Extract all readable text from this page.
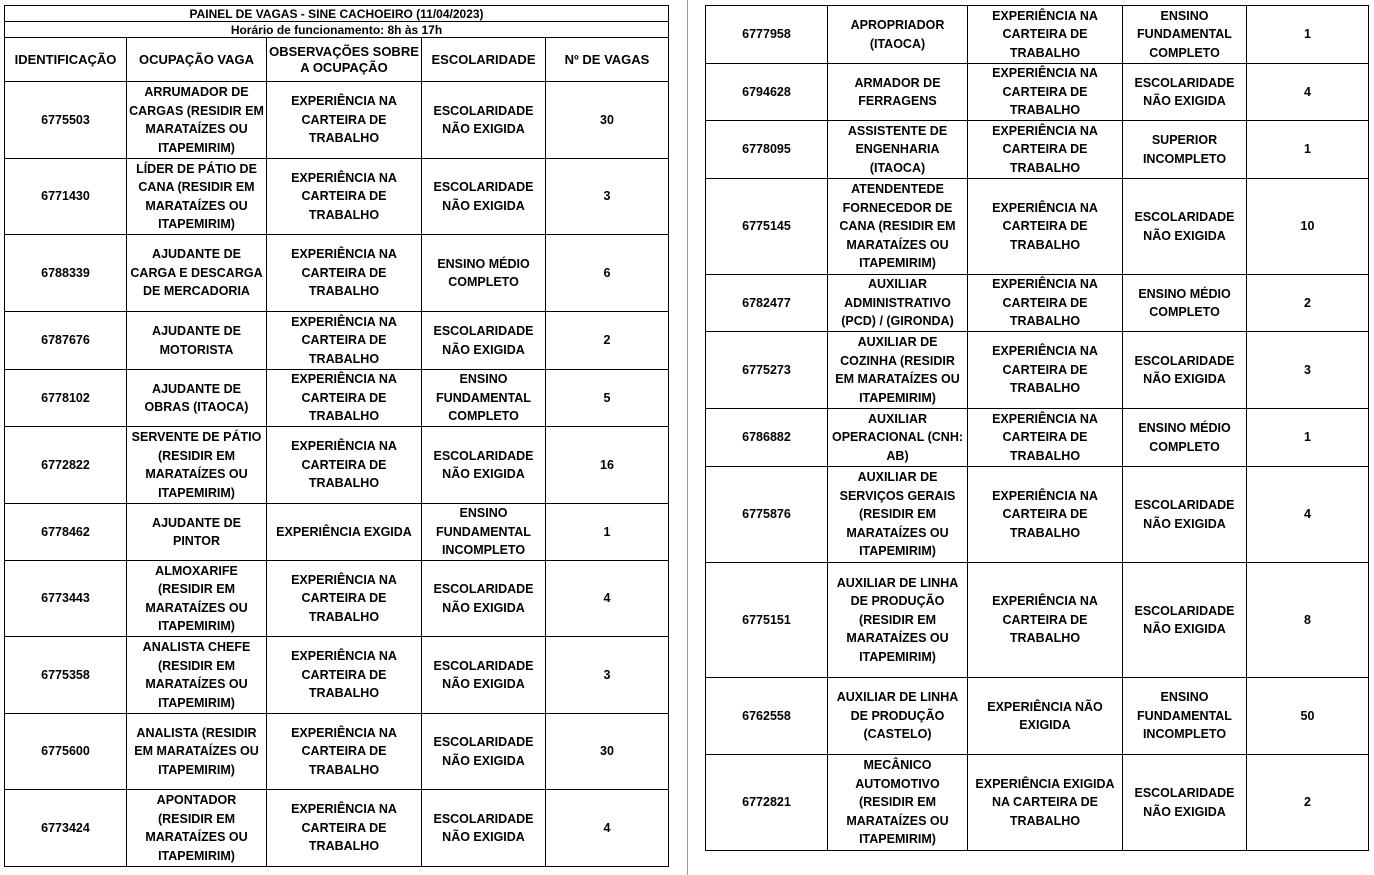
PAINEL DE VAGAS - SINE CACHOEIRO (11/04/2023)				
Horário de funcionamento: 8h às 17h				
IDENTIFICAÇÃO	OCUPAÇÃO VAGA	OBSERVAÇÕES SOBRE A OCUPAÇÃO	ESCOLARIDADE	Nº DE VAGAS
6775503	ARRUMADOR DE CARGAS (RESIDIR EM MARATAÍZES OU ITAPEMIRIM)	EXPERIÊNCIA NA CARTEIRA DE TRABALHO	ESCOLARIDADE NÃO EXIGIDA	30
6771430	LÍDER DE PÁTIO DE CANA (RESIDIR EM MARATAÍZES OU ITAPEMIRIM)	EXPERIÊNCIA NA CARTEIRA DE TRABALHO	ESCOLARIDADE NÃO EXIGIDA	3
6788339	AJUDANTE DE CARGA E DESCARGA DE MERCADORIA	EXPERIÊNCIA NA CARTEIRA DE TRABALHO	ENSINO MÉDIO COMPLETO	6
6787676	AJUDANTE DE MOTORISTA	EXPERIÊNCIA NA CARTEIRA DE TRABALHO	ESCOLARIDADE NÃO EXIGIDA	2
6778102	AJUDANTE DE OBRAS (ITAOCA)	EXPERIÊNCIA NA CARTEIRA DE TRABALHO	ENSINO FUNDAMENTAL COMPLETO	5
6772822	SERVENTE DE PÁTIO (RESIDIR EM MARATAÍZES OU ITAPEMIRIM)	EXPERIÊNCIA NA CARTEIRA DE TRABALHO	ESCOLARIDADE NÃO EXIGIDA	16
6778462	AJUDANTE DE PINTOR	EXPERIÊNCIA EXGIDA	ENSINO FUNDAMENTAL INCOMPLETO	1
6773443	ALMOXARIFE (RESIDIR EM MARATAÍZES OU ITAPEMIRIM)	EXPERIÊNCIA NA CARTEIRA DE TRABALHO	ESCOLARIDADE NÃO EXIGIDA	4
6775358	ANALISTA CHEFE (RESIDIR EM MARATAÍZES OU ITAPEMIRIM)	EXPERIÊNCIA NA CARTEIRA DE TRABALHO	ESCOLARIDADE NÃO EXIGIDA	3
6775600	ANALISTA (RESIDIR EM MARATAÍZES OU ITAPEMIRIM)	EXPERIÊNCIA NA CARTEIRA DE TRABALHO	ESCOLARIDADE NÃO EXIGIDA	30
6773424	APONTADOR (RESIDIR EM MARATAÍZES OU ITAPEMIRIM)	EXPERIÊNCIA NA CARTEIRA DE TRABALHO	ESCOLARIDADE NÃO EXIGIDA	4
6777958	APROPRIADOR (ITAOCA)	EXPERIÊNCIA NA CARTEIRA DE TRABALHO	ENSINO FUNDAMENTAL COMPLETO	1
6794628	ARMADOR DE FERRAGENS	EXPERIÊNCIA NA CARTEIRA DE TRABALHO	ESCOLARIDADE NÃO EXIGIDA	4
6778095	ASSISTENTE DE ENGENHARIA (ITAOCA)	EXPERIÊNCIA NA CARTEIRA DE TRABALHO	SUPERIOR INCOMPLETO	1
6775145	ATENDENTEDE FORNECEDOR DE CANA (RESIDIR EM MARATAÍZES OU ITAPEMIRIM)	EXPERIÊNCIA NA CARTEIRA DE TRABALHO	ESCOLARIDADE NÃO EXIGIDA	10
6782477	AUXILIAR ADMINISTRATIVO (PCD) / (GIRONDA)	EXPERIÊNCIA NA CARTEIRA DE TRABALHO	ENSINO MÉDIO COMPLETO	2
6775273	AUXILIAR DE COZINHA (RESIDIR EM MARATAÍZES OU ITAPEMIRIM)	EXPERIÊNCIA NA CARTEIRA DE TRABALHO	ESCOLARIDADE NÃO EXIGIDA	3
6786882	AUXILIAR OPERACIONAL (CNH: AB)	EXPERIÊNCIA NA CARTEIRA DE TRABALHO	ENSINO MÉDIO COMPLETO	1
6775876	AUXILIAR DE SERVIÇOS GERAIS (RESIDIR EM MARATAÍZES OU ITAPEMIRIM)	EXPERIÊNCIA NA CARTEIRA DE TRABALHO	ESCOLARIDADE NÃO EXIGIDA	4
6775151	AUXILIAR DE LINHA DE PRODUÇÃO (RESIDIR EM MARATAÍZES OU ITAPEMIRIM)	EXPERIÊNCIA NA CARTEIRA DE TRABALHO	ESCOLARIDADE NÃO EXIGIDA	8
6762558	AUXILIAR DE LINHA DE PRODUÇÃO (CASTELO)	EXPERIÊNCIA NÃO EXIGIDA	ENSINO FUNDAMENTAL INCOMPLETO	50
6772821	MECÂNICO AUTOMOTIVO (RESIDIR EM MARATAÍZES OU ITAPEMIRIM)	EXPERIÊNCIA EXIGIDA NA CARTEIRA DE TRABALHO	ESCOLARIDADE NÃO EXIGIDA	2
